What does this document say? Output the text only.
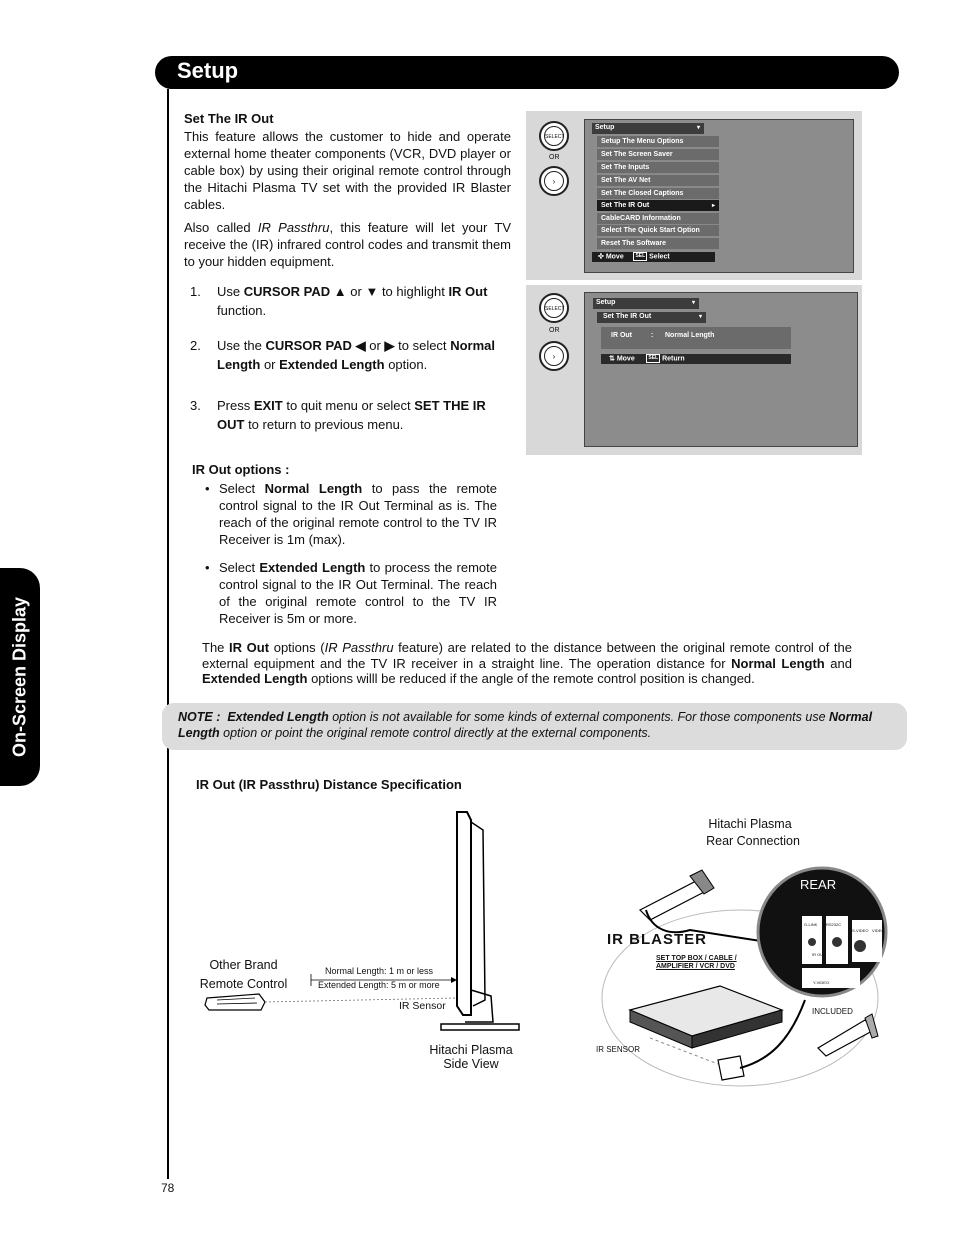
Setup
On-Screen Display
78
Set The IR Out
This feature allows the customer to hide and operate external home theater components (VCR, DVD player or cable box) by using their original remote control through the Hitachi Plasma TV set with the provided IR Blaster cables.
Also called IR Passthru, this feature will let your TV receive the (IR) infrared control codes and transmit them to your hidden equipment.
1. Use CURSOR PAD ▲ or ▼ to highlight IR Out function.
2. Use the CURSOR PAD ◀ or ▶ to select Normal Length or Extended Length option.
3. Press EXIT to quit menu or select SET THE IR OUT to return to previous menu.
IR Out options :
• Select Normal Length to pass the remote control signal to the IR Out Terminal as is. The reach of the original remote control to the TV IR Receiver is 1m (max).
• Select Extended Length to process the remote control signal to the IR Out Terminal. The reach of the original remote control to the TV IR Receiver is 5m or more.
The IR Out options (IR Passthru feature) are related to the distance between the original remote control of the external equipment and the TV IR receiver in a straight line. The operation distance for Normal Length and Extended Length options willl be reduced if the angle of the remote control position is changed.
NOTE : Extended Length option is not available for some kinds of external components. For those components use Normal Length option or point the original remote control directly at the external components.
IR Out (IR Passthru) Distance Specification
SELECT
OR
›
Setup	▾
Setup The Menu Options
Set The Screen Saver
Set The Inputs
Set The AV Net
Set The Closed Captions
Set The IR Out	▸
CableCARD Information
Select The Quick Start Option
Reset The Software
✣ Move SEL Select
SELECT
OR
›
Setup	▾
Set The IR Out	▾
IR Out	: Normal Length
⇅ Move	SEL Return
Other Brand
Remote Control
Normal Length: 1 m or less
Extended Length: 5 m or more
IR Sensor
Hitachi Plasma
Side View
Hitachi Plasma
Rear Connection
REAR
IR BLASTER
SET TOP BOX / CABLE /
AMPLIFIER / VCR / DVD
INCLUDED
IR SENSOR
G-LINK
IR OUT
RS232C
S-VIDEO VIDEO
Y-VIDEO
